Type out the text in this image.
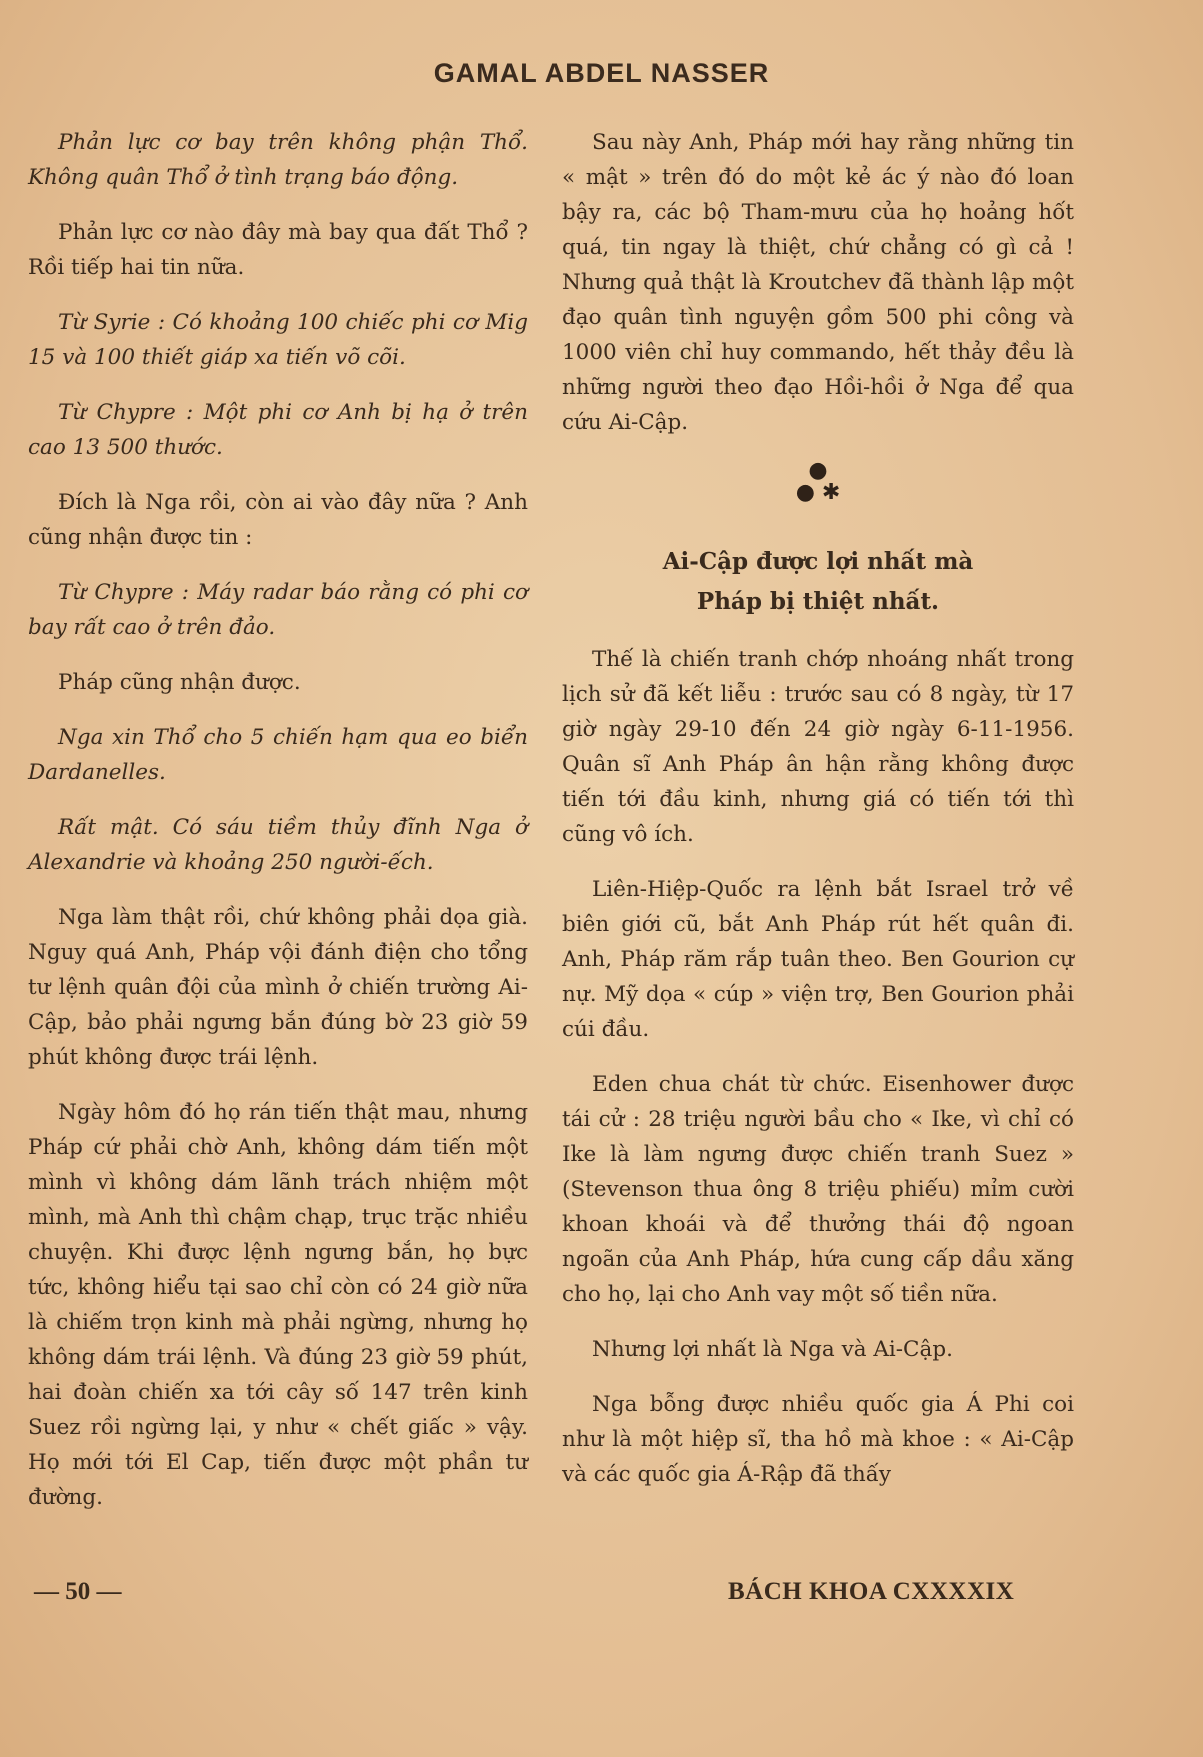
GAMAL ABDEL NASSER

Phản lực cơ bay trên không phận Thổ. Không quân Thổ ở tình trạng báo động.

Phản lực cơ nào đây mà bay qua đất Thổ ? Rồi tiếp hai tin nữa.

Từ Syrie : Có khoảng 100 chiếc phi cơ Mig 15 và 100 thiết giáp xa tiến võ cõi.

Từ Chypre : Một phi cơ Anh bị hạ ở trên cao 13 500 thước.

Đích là Nga rồi, còn ai vào đây nữa ? Anh cũng nhận được tin :

Từ Chypre : Máy radar báo rằng có phi cơ bay rất cao ở trên đảo.

Pháp cũng nhận được.

Nga xin Thổ cho 5 chiến hạm qua eo biển Dardanelles.

Rất mật. Có sáu tiềm thủy đĩnh Nga ở Alexandrie và khoảng 250 người-ếch.

Nga làm thật rồi, chứ không phải dọa già. Nguy quá Anh, Pháp vội đánh điện cho tổng tư lệnh quân đội của mình ở chiến trường Ai-Cập, bảo phải ngưng bắn đúng bờ 23 giờ 59 phút không được trái lệnh.

Ngày hôm đó họ rán tiến thật mau, nhưng Pháp cứ phải chờ Anh, không dám tiến một mình vì không dám lãnh trách nhiệm một mình, mà Anh thì chậm chạp, trục trặc nhiều chuyện. Khi được lệnh ngưng bắn, họ bực tức, không hiểu tại sao chỉ còn có 24 giờ nữa là chiếm trọn kinh mà phải ngừng, nhưng họ không dám trái lệnh. Và đúng 23 giờ 59 phút, hai đoàn chiến xa tới cây số 147 trên kinh Suez rồi ngừng lại, y như « chết giấc » vậy. Họ mới tới El Cap, tiến được một phần tư đường.

Sau này Anh, Pháp mới hay rằng những tin « mật » trên đó do một kẻ ác ý nào đó loan bậy ra, các bộ Tham-mưu của họ hoảng hốt quá, tin ngay là thiệt, chứ chẳng có gì cả ! Nhưng quả thật là Kroutchev đã thành lập một đạo quân tình nguyện gồm 500 phi công và 1000 viên chỉ huy commando, hết thảy đều là những người theo đạo Hồi-hồi ở Nga để qua cứu Ai-Cập.

●
● ✱
Ai-Cập được lợi nhất mà
Pháp bị thiệt nhất.

Thế là chiến tranh chớp nhoáng nhất trong lịch sử đã kết liễu : trước sau có 8 ngày, từ 17 giờ ngày 29-10 đến 24 giờ ngày 6-11-1956. Quân sĩ Anh Pháp ân hận rằng không được tiến tới đầu kinh, nhưng giá có tiến tới thì cũng vô ích.

Liên-Hiệp-Quốc ra lệnh bắt Israel trở về biên giới cũ, bắt Anh Pháp rút hết quân đi. Anh, Pháp răm rắp tuân theo. Ben Gourion cự nự. Mỹ dọa « cúp » viện trợ, Ben Gourion phải cúi đầu.

Eden chua chát từ chức. Eisenhower được tái cử : 28 triệu người bầu cho « Ike, vì chỉ có Ike là làm ngưng được chiến tranh Suez » (Stevenson thua ông 8 triệu phiếu) mỉm cười khoan khoái và để thưởng thái độ ngoan ngoãn của Anh Pháp, hứa cung cấp dầu xăng cho họ, lại cho Anh vay một số tiền nữa.

Nhưng lợi nhất là Nga và Ai-Cập.

Nga bỗng được nhiều quốc gia Á Phi coi như là một hiệp sĩ, tha hồ mà khoe : « Ai-Cập và các quốc gia Á-Rập đã thấy

— 50 —	BÁCH KHOA CXXXXIX
